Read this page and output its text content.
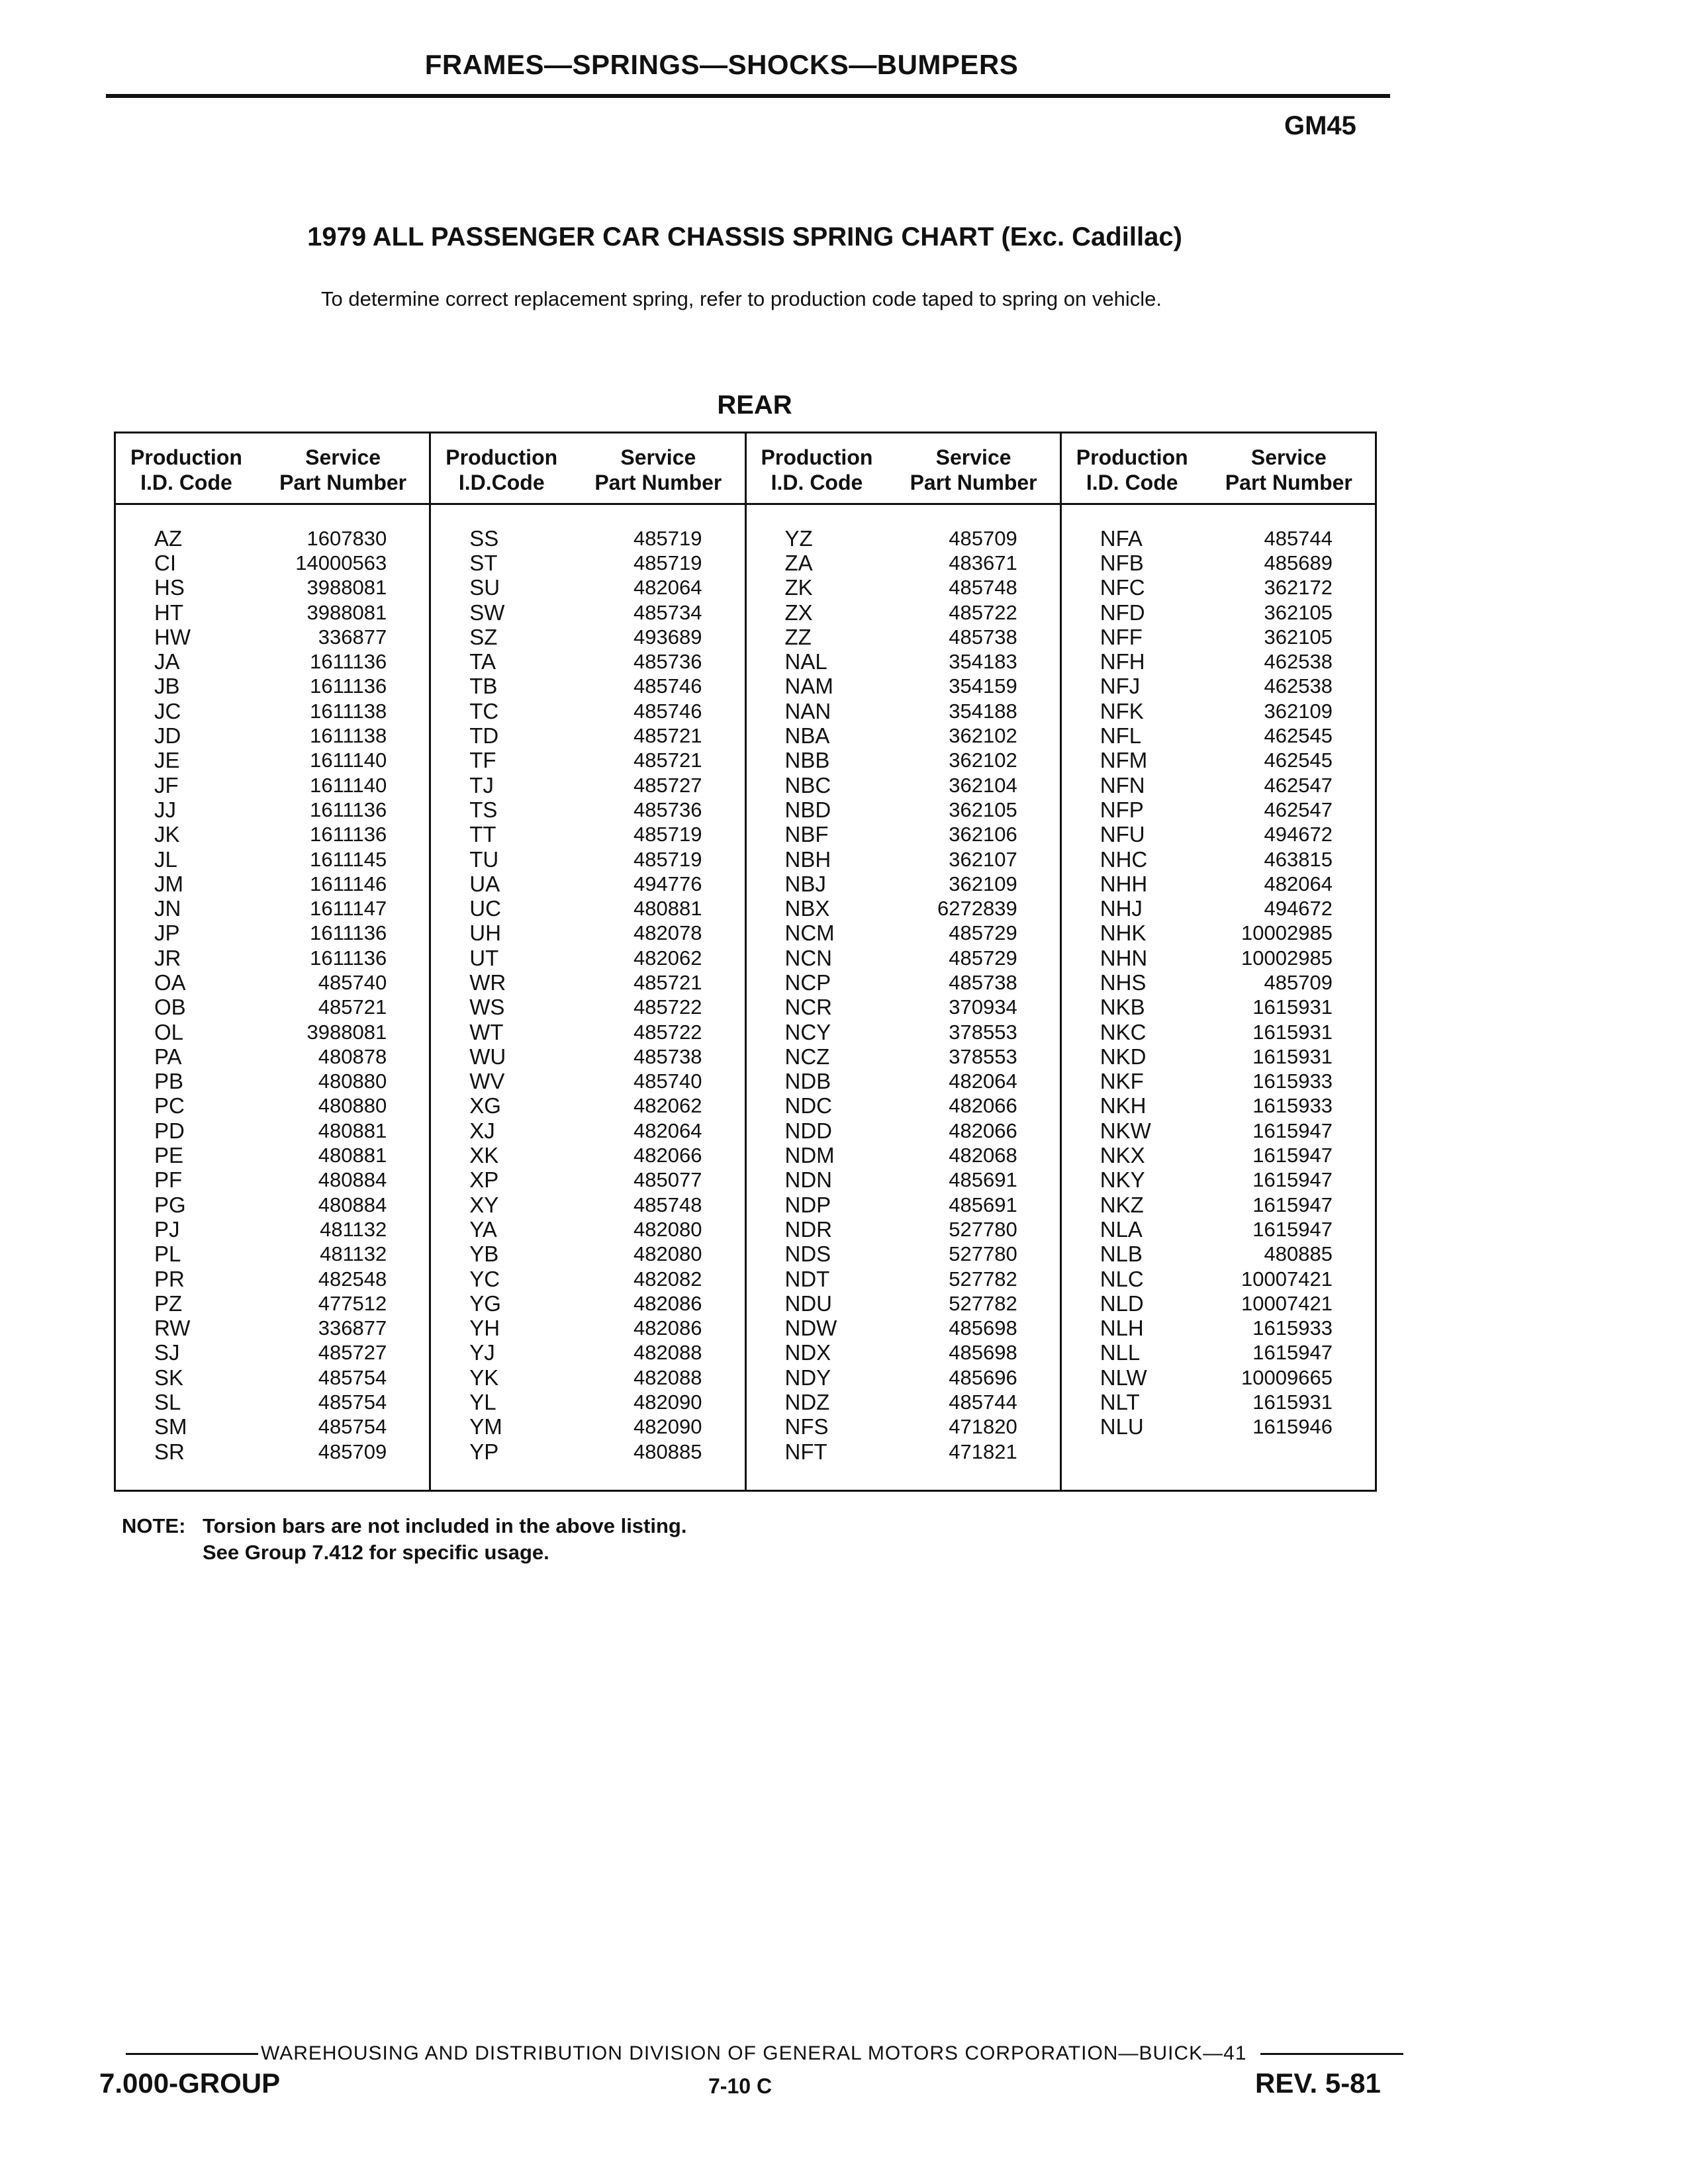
FRAMES—SPRINGS—SHOCKS—BUMPERS
GM45
1979 ALL PASSENGER CAR CHASSIS SPRING CHART (Exc. Cadillac)
To determine correct replacement spring, refer to production code taped to spring on vehicle.
REAR
Production
I.D. Code
Service
Part Number
AZ	1607830
CI	14000563
HS	3988081
HT	3988081
HW	336877
JA	1611136
JB	1611136
JC	1611138
JD	1611138
JE	1611140
JF	1611140
JJ	1611136
JK	1611136
JL	1611145
JM	1611146
JN	1611147
JP	1611136
JR	1611136
OA	485740
OB	485721
OL	3988081
PA	480878
PB	480880
PC	480880
PD	480881
PE	480881
PF	480884
PG	480884
PJ	481132
PL	481132
PR	482548
PZ	477512
RW	336877
SJ	485727
SK	485754
SL	485754
SM	485754
SR	485709
Production
I.D.Code
Service
Part Number
SS	485719
ST	485719
SU	482064
SW	485734
SZ	493689
TA	485736
TB	485746
TC	485746
TD	485721
TF	485721
TJ	485727
TS	485736
TT	485719
TU	485719
UA	494776
UC	480881
UH	482078
UT	482062
WR	485721
WS	485722
WT	485722
WU	485738
WV	485740
XG	482062
XJ	482064
XK	482066
XP	485077
XY	485748
YA	482080
YB	482080
YC	482082
YG	482086
YH	482086
YJ	482088
YK	482088
YL	482090
YM	482090
YP	480885
Production
I.D. Code
Service
Part Number
YZ	485709
ZA	483671
ZK	485748
ZX	485722
ZZ	485738
NAL	354183
NAM	354159
NAN	354188
NBA	362102
NBB	362102
NBC	362104
NBD	362105
NBF	362106
NBH	362107
NBJ	362109
NBX	6272839
NCM	485729
NCN	485729
NCP	485738
NCR	370934
NCY	378553
NCZ	378553
NDB	482064
NDC	482066
NDD	482066
NDM	482068
NDN	485691
NDP	485691
NDR	527780
NDS	527780
NDT	527782
NDU	527782
NDW	485698
NDX	485698
NDY	485696
NDZ	485744
NFS	471820
NFT	471821
Production
I.D. Code
Service
Part Number
NFA	485744
NFB	485689
NFC	362172
NFD	362105
NFF	362105
NFH	462538
NFJ	462538
NFK	362109
NFL	462545
NFM	462545
NFN	462547
NFP	462547
NFU	494672
NHC	463815
NHH	482064
NHJ	494672
NHK	10002985
NHN	10002985
NHS	485709
NKB	1615931
NKC	1615931
NKD	1615931
NKF	1615933
NKH	1615933
NKW	1615947
NKX	1615947
NKY	1615947
NKZ	1615947
NLA	1615947
NLB	480885
NLC	10007421
NLD	10007421
NLH	1615933
NLL	1615947
NLW	10009665
NLT	1615931
NLU	1615946
NOTE: Torsion bars are not included in the above listing.
See Group 7.412 for specific usage.
WAREHOUSING AND DISTRIBUTION DIVISION OF GENERAL MOTORS CORPORATION—BUICK—41
7.000-GROUP	7-10 C	REV. 5-81
